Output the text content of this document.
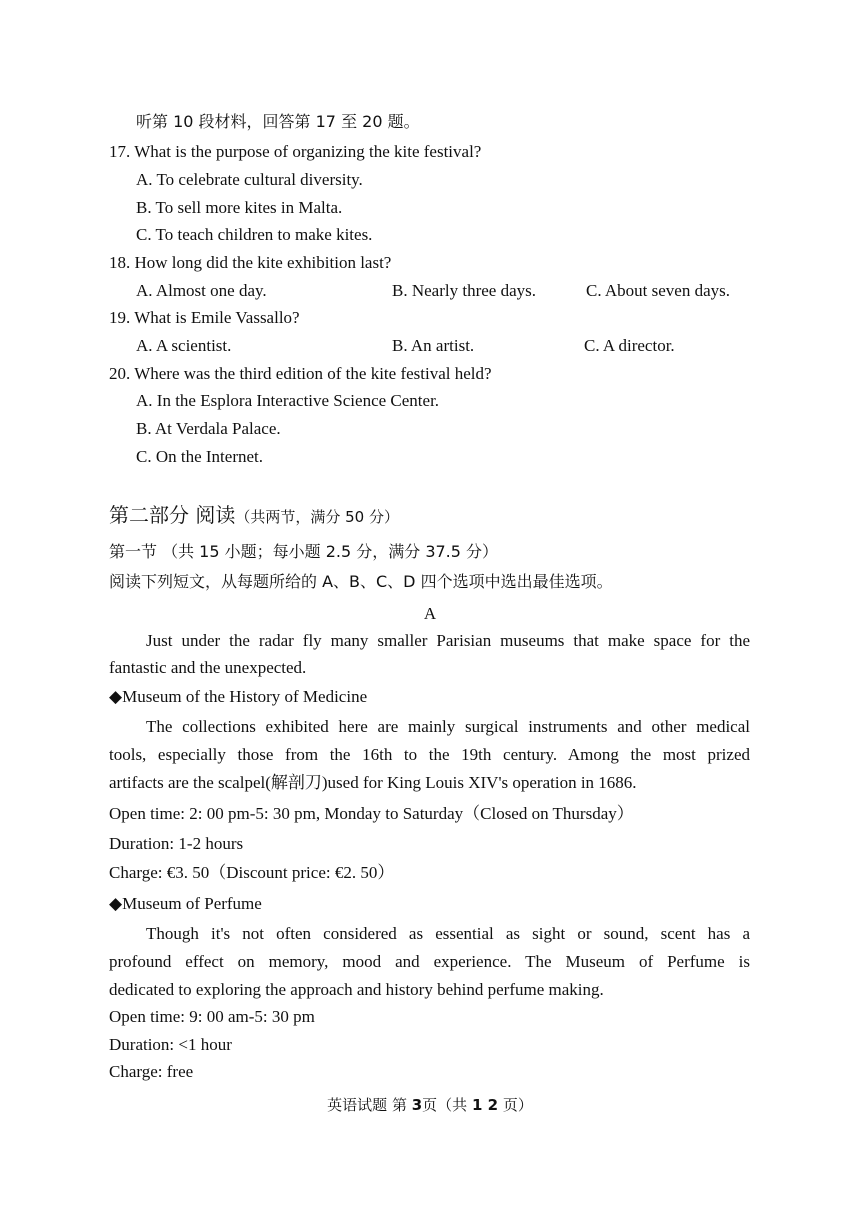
听第 10 段材料，回答第 17 至 20 题。
17. What is the purpose of organizing the kite festival?
A. To celebrate cultural diversity.
B. To sell more kites in Malta.
C. To teach children to make kites.
18. How long did the kite exhibition last?
A. Almost one day.	B. Nearly three days.	C. About seven days.
19. What is Emile Vassallo?
A. A scientist.	B. An artist.	C. A director.
20. Where was the third edition of the kite festival held?
A. In the Esplora Interactive Science Center.
B. At Verdala Palace.
C. On the Internet.
第二部分 阅读（共两节，满分 50 分）
第一节 （共 15 小题；每小题 2.5 分，满分 37.5 分）
阅读下列短文，从每题所给的 A、B、C、D 四个选项中选出最佳选项。
A
Just under the radar fly many smaller Parisian museums that make space for the
fantastic and the unexpected.
◆Museum of the History of Medicine
The collections exhibited here are mainly surgical instruments and other medical
tools, especially those from the 16th to the 19th century. Among the most prized
artifacts are the scalpel(解剖刀)used for King Louis XIV's operation in 1686.
Open time: 2: 00 pm-5: 30 pm, Monday to Saturday（Closed on Thursday）
Duration: 1-2 hours
Charge: €3. 50（Discount price: €2. 50）
◆Museum of Perfume
Though it's not often considered as essential as sight or sound, scent has a
profound effect on memory, mood and experience. The Museum of Perfume is
dedicated to exploring the approach and history behind perfume making.
Open time: 9: 00 am-5: 30 pm
Duration: <1 hour
Charge: free
英语试题 第 3页（共 1 2 页）
